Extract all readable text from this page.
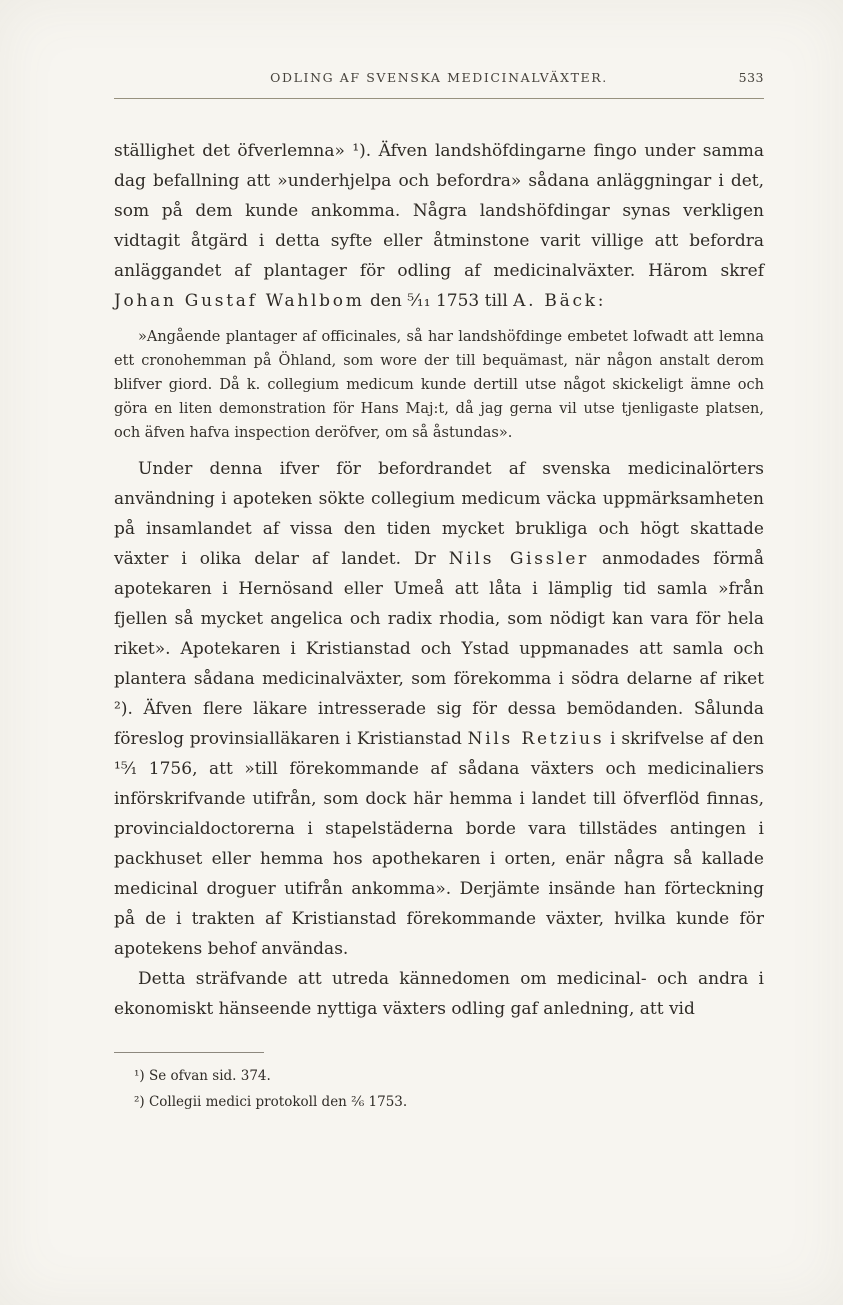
ODLING AF SVENSKA MEDICINALVÄXTER.	533

ställighet det öfverlemna» ¹). Äfven landshöfdingarne fingo under samma dag befallning att »underhjelpa och befordra» sådana anläggningar i det, som på dem kunde ankomma. Några landshöfdingar synas verkligen vidtagit åtgärd i detta syfte eller åtminstone varit villige att befordra anläggandet af plantager för odling af medicinalväxter. Härom skref Johan Gustaf Wahlbom den ⁵⁄₁₁ 1753 till A. Bäck:

»Angående plantager af officinales, så har landshöfdinge embetet lofwadt att lemna ett cronohemman på Öhland, som wore der till bequämast, när någon anstalt derom blifver giord. Då k. collegium medicum kunde dertill utse något skickeligt ämne och göra en liten demonstration för Hans Maj:t, då jag gerna vil utse tjenligaste platsen, och äfven hafva inspection deröfver, om så åstundas».

Under denna ifver för befordrandet af svenska medicinalörters användning i apoteken sökte collegium medicum väcka uppmärksamheten på insamlandet af vissa den tiden mycket brukliga och högt skattade växter i olika delar af landet. Dr Nils Gissler anmodades förmå apotekaren i Hernösand eller Umeå att låta i lämplig tid samla »från fjellen så mycket angelica och radix rhodia, som nödigt kan vara för hela riket». Apotekaren i Kristianstad och Ystad uppmanades att samla och plantera sådana medicinalväxter, som förekomma i södra delarne af riket ²). Äfven flere läkare intresserade sig för dessa bemödanden. Sålunda föreslog provinsialläkaren i Kristianstad Nils Retzius i skrifvelse af den ¹⁵⁄₁ 1756, att »till förekommande af sådana växters och medicinaliers införskrifvande utifrån, som dock här hemma i landet till öfverflöd finnas, provincialdoctorerna i stapelstäderna borde vara tillstädes antingen i packhuset eller hemma hos apothekaren i orten, enär några så kallade medicinal droguer utifrån ankomma». Derjämte insände han förteckning på de i trakten af Kristianstad förekommande växter, hvilka kunde för apotekens behof användas.

Detta sträfvande att utreda kännedomen om medicinal- och andra i ekonomiskt hänseende nyttiga växters odling gaf anledning, att vid

¹) Se ofvan sid. 374.

²) Collegii medici protokoll den ²⁄₆ 1753.
